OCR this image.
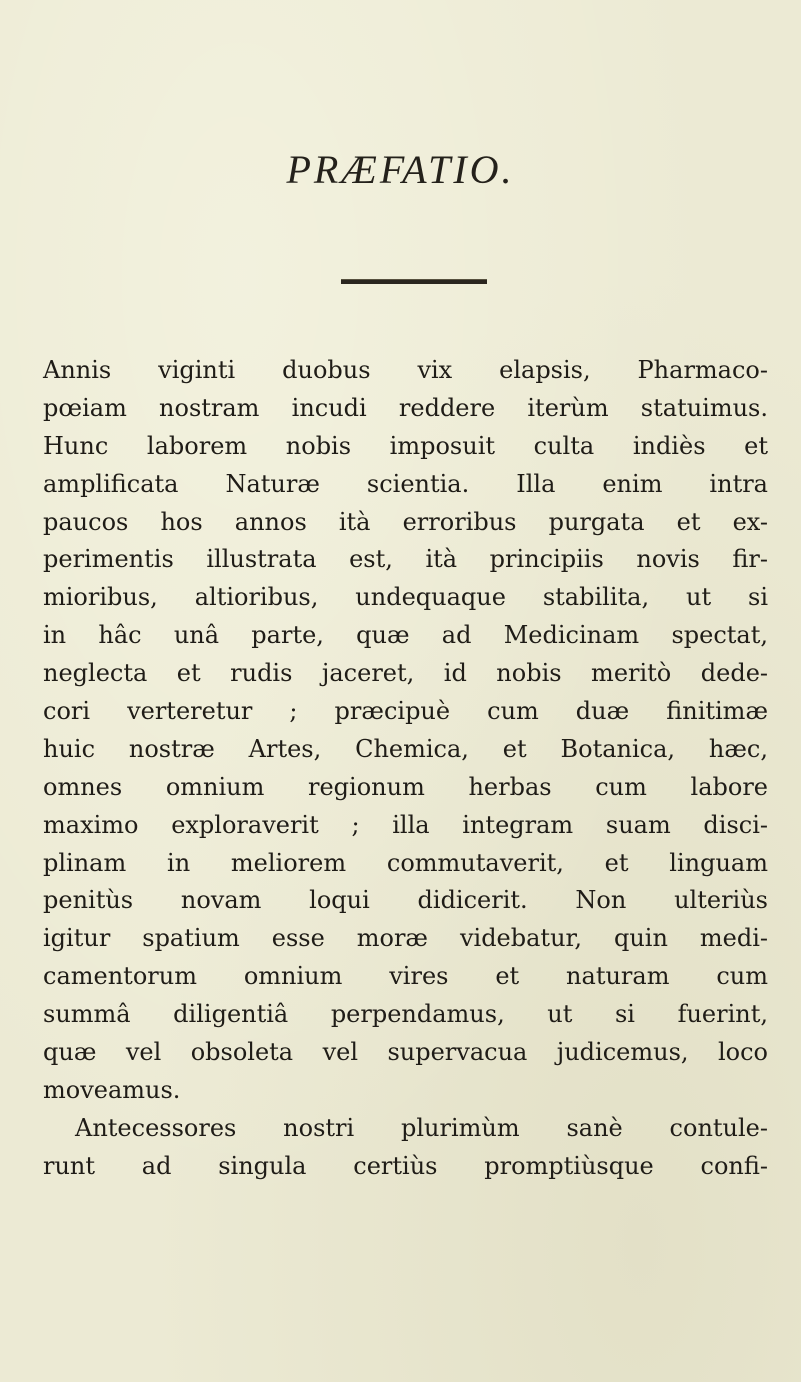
PRÆFATIO.
Annis viginti duobus vix elapsis, Pharmaco-
pœiam nostram incudi reddere iterùm statuimus.
Hunc laborem nobis imposuit culta indiès et
amplificata Naturæ scientia. Illa enim intra
paucos hos annos ità erroribus purgata et ex-
perimentis illustrata est, ità principiis novis fir-
mioribus, altioribus, undequaque stabilita, ut si
in hâc unâ parte, quæ ad Medicinam spectat,
neglecta et rudis jaceret, id nobis meritò dede-
cori verteretur ; præcipuè cum duæ finitimæ
huic nostræ Artes, Chemica, et Botanica, hæc,
omnes omnium regionum herbas cum labore
maximo exploraverit ; illa integram suam disci-
plinam in meliorem commutaverit, et linguam
penitùs novam loqui didicerit. Non ulteriùs
igitur spatium esse moræ videbatur, quin medi-
camentorum omnium vires et naturam cum
summâ diligentiâ perpendamus, ut si fuerint,
quæ vel obsoleta vel supervacua judicemus, loco
moveamus.
Antecessores nostri plurimùm sanè contule-
runt ad singula certiùs promptiùsque confi-
